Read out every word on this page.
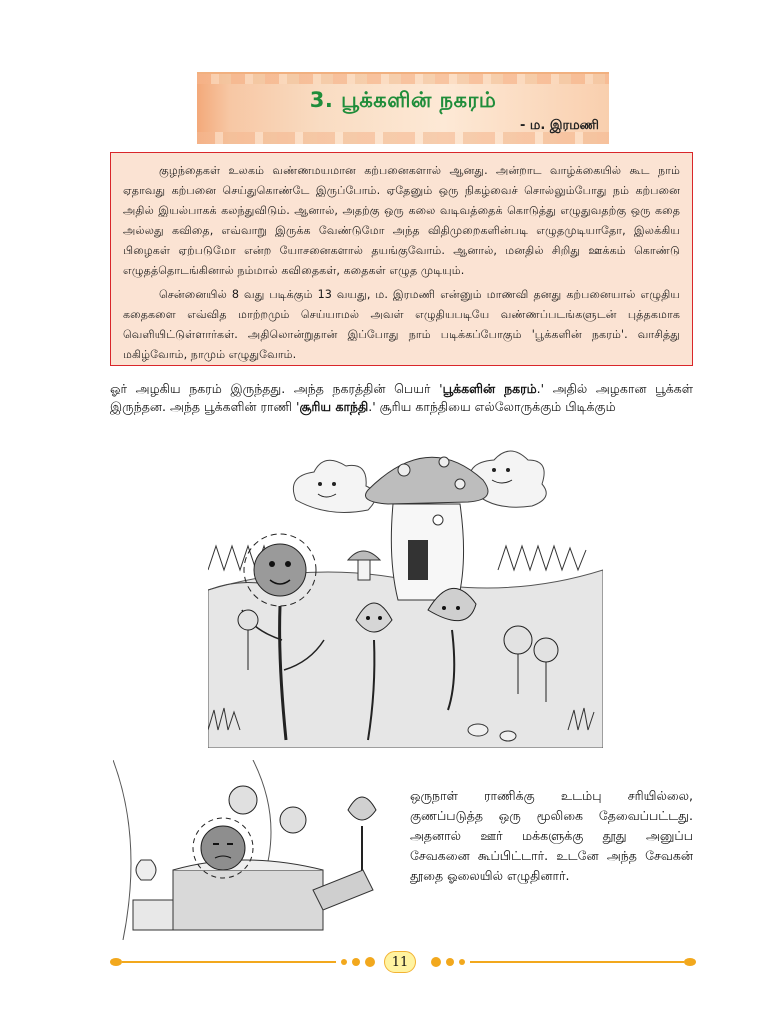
3. பூக்களின் நகரம்
- ம. இரமணி

குழந்தைகள் உலகம் வண்ணமயமான கற்பனைகளால் ஆனது. அன்றாட வாழ்க்கையில் கூட நாம் ஏதாவது கற்பனை செய்துகொண்டே இருப்போம். ஏதேனும் ஒரு நிகழ்வைச் சொல்லும்போது நம் கற்பனை அதில் இயல்பாகக் கலந்துவிடும். ஆனால், அதற்கு ஒரு கலை வடிவத்தைக் கொடுத்து எழுதுவதற்கு ஒரு கதை அல்லது கவிதை, எவ்வாறு இருக்க வேண்டுமோ அந்த விதிமுறைகளின்படி எழுதமுடியாதோ, இலக்கிய பிழைகள் ஏற்படுமோ என்ற யோசனைகளால் தயங்குவோம். ஆனால், மனதில் சிறிது ஊக்கம் கொண்டு எழுதத்தொடங்கினால் நம்மால் கவிதைகள், கதைகள் எழுத முடியும்.

சென்னையில் 8 வது படிக்கும் 13 வயது, ம. இரமணி என்னும் மாணவி தனது கற்பனையால் எழுதிய கதைகளை எவ்வித மாற்றமும் செய்யாமல் அவள் எழுதியபடியே வண்ணப்படங்களுடன் புத்தகமாக வெளியிட்டுள்ளார்கள். அதிலொன்றுதான் இப்போது நாம் படிக்கப்போகும் 'பூக்களின் நகரம்'. வாசித்து மகிழ்வோம், நாமும் எழுதுவோம்.

ஓர் அழகிய நகரம் இருந்தது. அந்த நகரத்தின் பெயர் 'பூக்களின் நகரம்.' அதில் அழகான பூக்கள் இருந்தன. அந்த பூக்களின் ராணி 'சூரிய காந்தி.' சூரிய காந்தியை எல்லோருக்கும் பிடிக்கும்
ஒருநாள் ராணிக்கு உடம்பு சரியில்லை, குணப்படுத்த ஒரு மூலிகை தேவைப்பட்டது. அதனால் ஊர் மக்களுக்கு தூது அனுப்ப சேவகனை கூப்பிட்டார். உடனே அந்த சேவகன் தூதை ஓலையில் எழுதினார்.
11
